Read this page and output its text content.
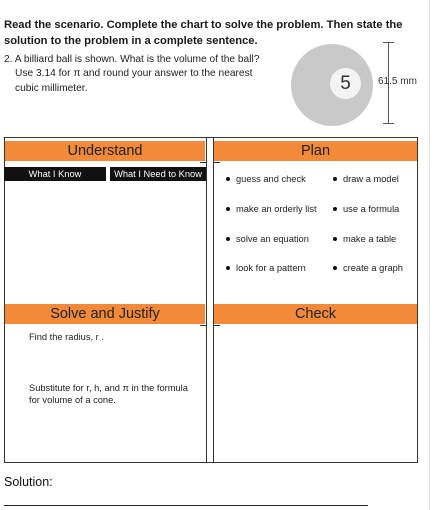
Read the scenario. Complete the chart to solve the problem. Then state the solution to the problem in a complete sentence.
2. A billiard ball is shown. What is the volume of the ball?
Use 3.14 for π and round your answer to the nearest
cubic millimeter.	5	61.5 mm
Understand	Plan
Solve and Justify	Check
What I Know	What I Need to Know	guess and check
make an orderly list
solve an equation
look for a pattern
draw a model
use a formula
make a table
create a graph
Find the radius, r .
Substitute for r, h, and π in the formula
for volume of a cone.
Solution:
